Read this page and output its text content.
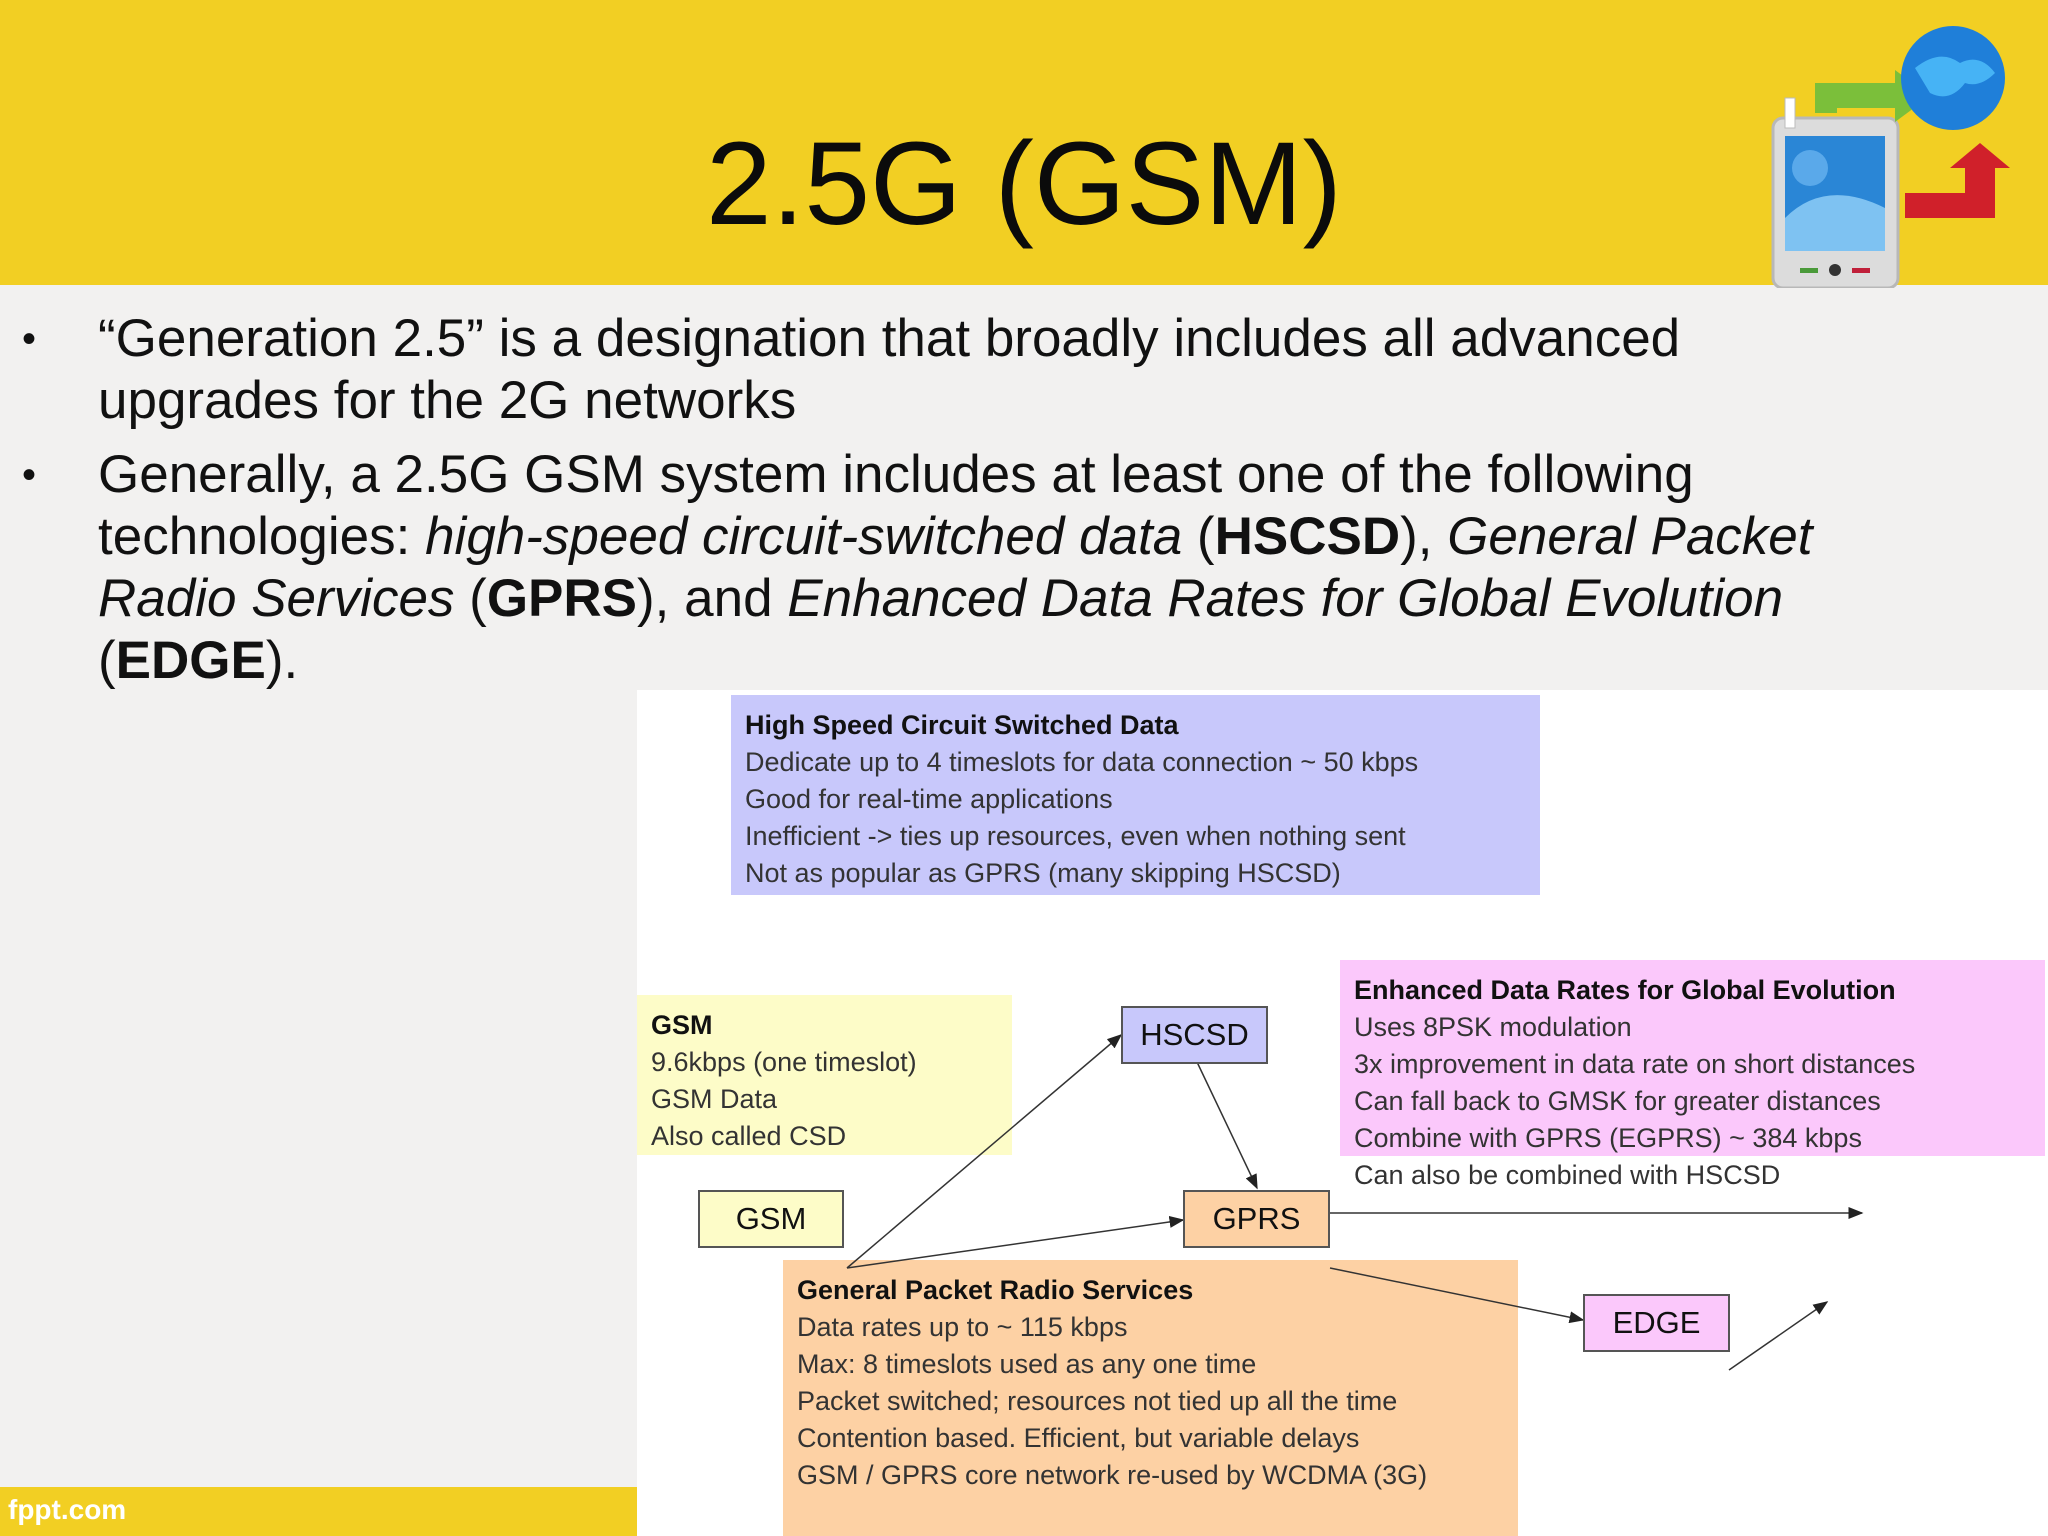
2.5G (GSM)
• “Generation 2.5” is a designation that broadly includes all advanced
upgrades for the 2G networks
• Generally, a 2.5G GSM system includes at least one of the following
technologies: high-speed circuit-switched data (HSCSD), General Packet
Radio Services (GPRS), and Enhanced Data Rates for Global Evolution
(EDGE).
High Speed Circuit Switched Data
Dedicate up to 4 timeslots for data connection ~ 50 kbps
Good for real-time applications
Inefficient -> ties up resources, even when nothing sent
Not as popular as GPRS (many skipping HSCSD)
GSM
9.6kbps (one timeslot)
GSM Data
Also called CSD
Enhanced Data Rates for Global Evolution
Uses 8PSK modulation
3x improvement in data rate on short distances
Can fall back to GMSK for greater distances
Combine with GPRS (EGPRS) ~ 384 kbps
Can also be combined with HSCSD
General Packet Radio Services
Data rates up to ~ 115 kbps
Max: 8 timeslots used as any one time
Packet switched; resources not tied up all the time
Contention based. Efficient, but variable delays
GSM / GPRS core network re-used by WCDMA (3G)
GSM
HSCSD
GPRS
EDGE
fppt.com
